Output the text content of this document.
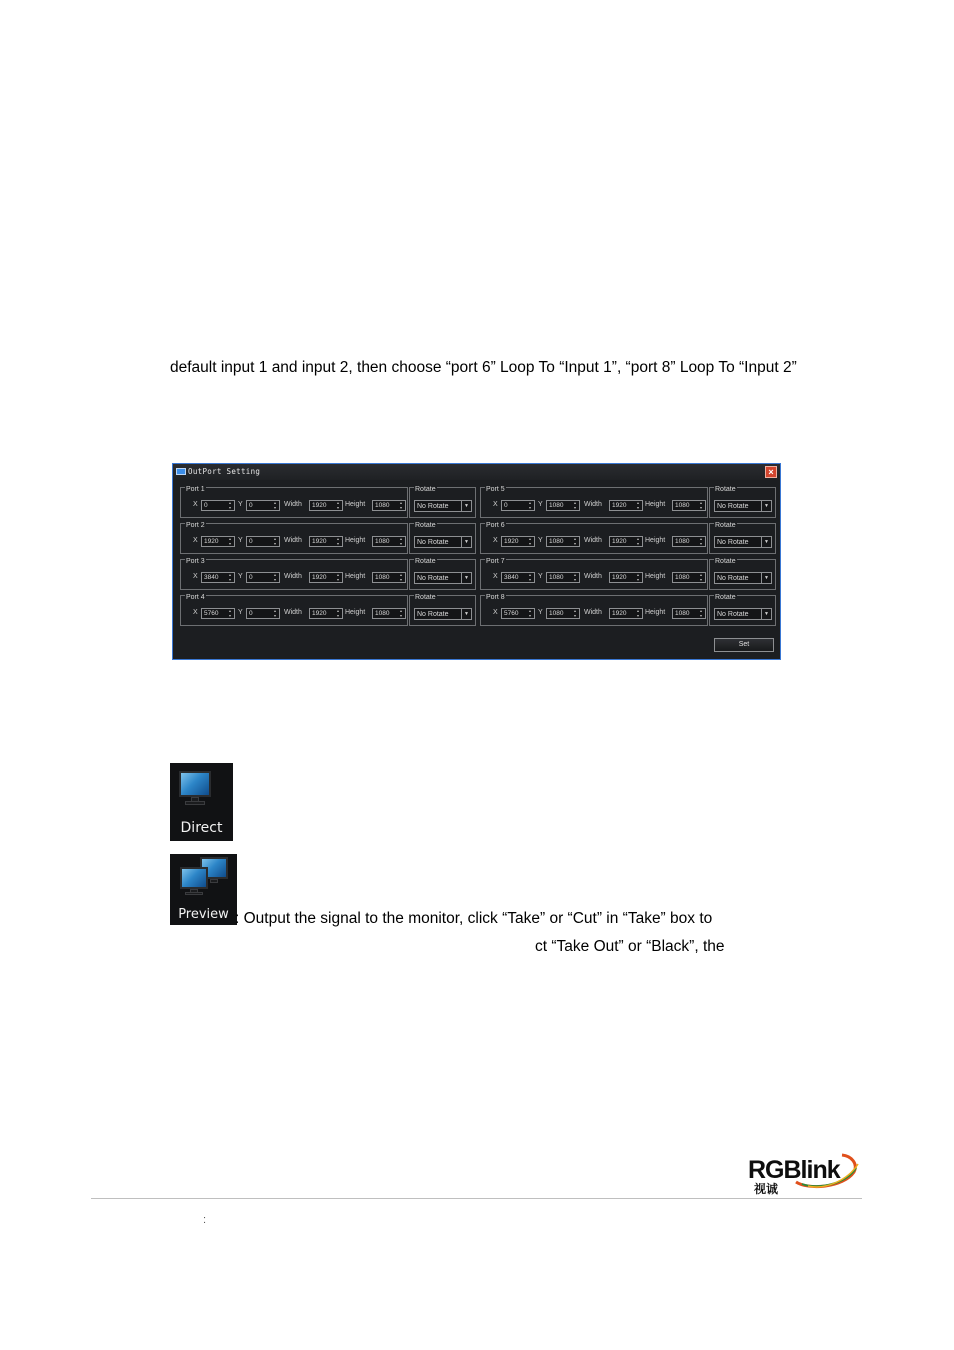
default input 1 and input 2, then choose “port 6” Loop To “Input 1”, “port 8” Loop To “Input 2”
OutPort Setting	×
Port 1
X 0	▴
▾ Y 0	▴
▾ Width 1920	▴
▾ Height 1080	▴
▾
Rotate
No Rotate	▼
Port 2
X 1920	▴
▾ Y 0	▴
▾ Width 1920	▴
▾ Height 1080	▴
▾
Rotate
No Rotate	▼
Port 3
X 3840	▴
▾ Y 0	▴
▾ Width 1920	▴
▾ Height 1080	▴
▾
Rotate
No Rotate	▼
Port 4
X 5760	▴
▾ Y 0	▴
▾ Width 1920	▴
▾ Height 1080	▴
▾
Rotate
No Rotate	▼
Port 5
X 0	▴
▾ Y 1080	▴
▾ Width 1920	▴
▾ Height 1080	▴
▾
Rotate
No Rotate	▼
Port 6
X 1920	▴
▾ Y 1080	▴
▾ Width 1920	▴
▾ Height 1080	▴
▾
Rotate
No Rotate	▼
Port 7
X 3840	▴
▾ Y 1080	▴
▾ Width 1920	▴
▾ Height 1080	▴
▾
Rotate
No Rotate	▼
Port 8
X 5760	▴
▾ Y 1080	▴
▾ Width 1920	▴
▾ Height 1080	▴
▾
Rotate
No Rotate	▼
Set
Direct
Preview : Output the signal to the monitor, click “Take” or “Cut” in “Take” box to
ct “Take Out” or “Black”, the
RGBlink
视诚
:
